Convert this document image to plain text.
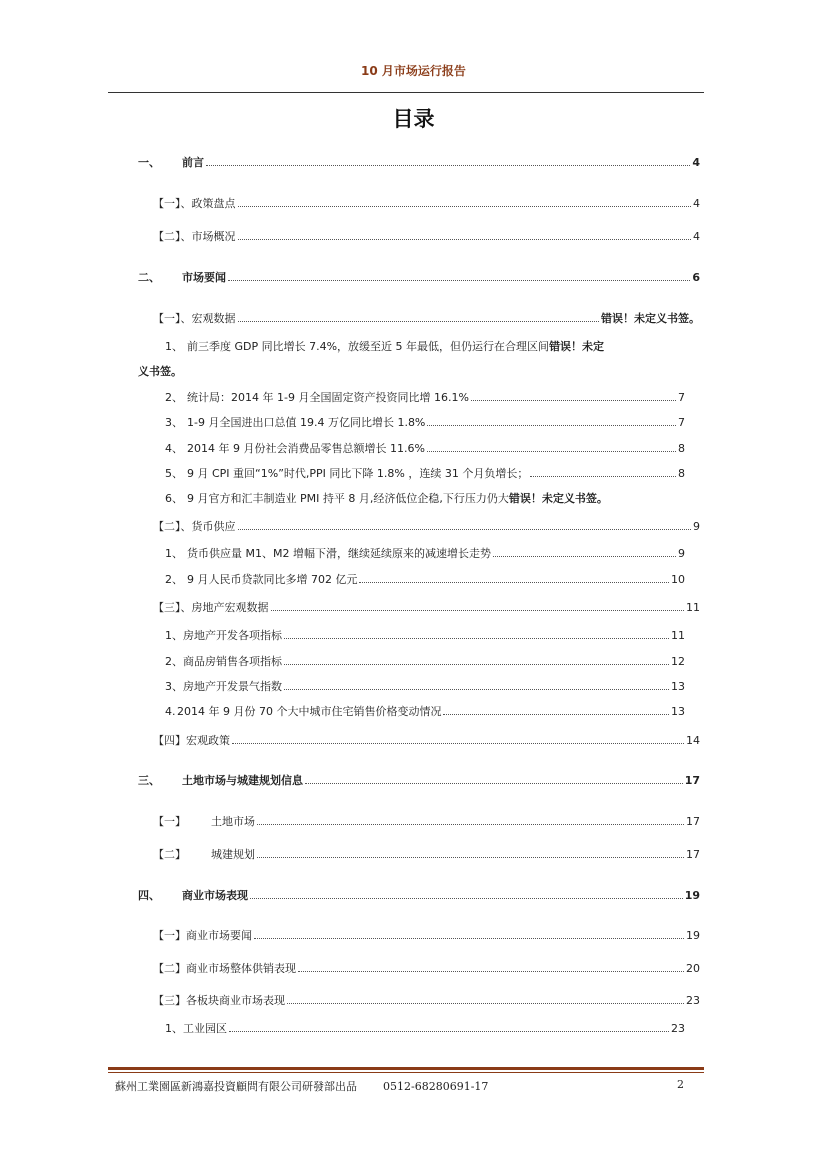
10 月市场运行报告
目录
一、	前言	4
【一】、 政策盘点	4
【二】、 市场概况	4
二、	市场要闻	6
【一】、 宏观数据	错误！未定义书签。
1、 前三季度 GDP 同比增长 7.4%，放缓至近 5 年最低，但仍运行在合理区间 错误！未定
义书签。
2、 统计局：2014 年 1-9 月全国固定资产投资同比增 16.1%	7
3、 1-9 月全国进出口总值 19.4 万亿同比增长 1.8%	7
4、 2014 年 9 月份社会消费品零售总额增长 11.6%	8
5、 9 月 CPI 重回“1%”时代,PPI 同比下降 1.8% ，连续 31 个月负增长；	8
6、 9 月官方和汇丰制造业 PMI 持平 8 月,经济低位企稳,下行压力仍大 错误！未定义书签。
【二】、 货币供应	9
1、 货币供应量 M1、M2 增幅下滑，继续延续原来的减速增长走势	9
2、 9 月人民币贷款同比多增 702 亿元	10
【三】、 房地产宏观数据	11
1、 房地产开发各项指标	11
2、 商品房销售各项指标	12
3、 房地产开发景气指数	13
4. 2014 年 9 月份 70 个大中城市住宅销售价格变动情况	13
【四】 宏观政策	14
三、	土地市场与城建规划信息	17
【一】	土地市场	17
【二】	城建规划	17
四、	商业市场表现	19
【一】 商业市场要闻	19
【二】 商业市场整体供销表现	20
【三】 各板块商业市场表现	23
1、 工业园区	23
蘇州工業園區新鴻嘉投資顧問有限公司研發部出品 0512-68280691-17	2
